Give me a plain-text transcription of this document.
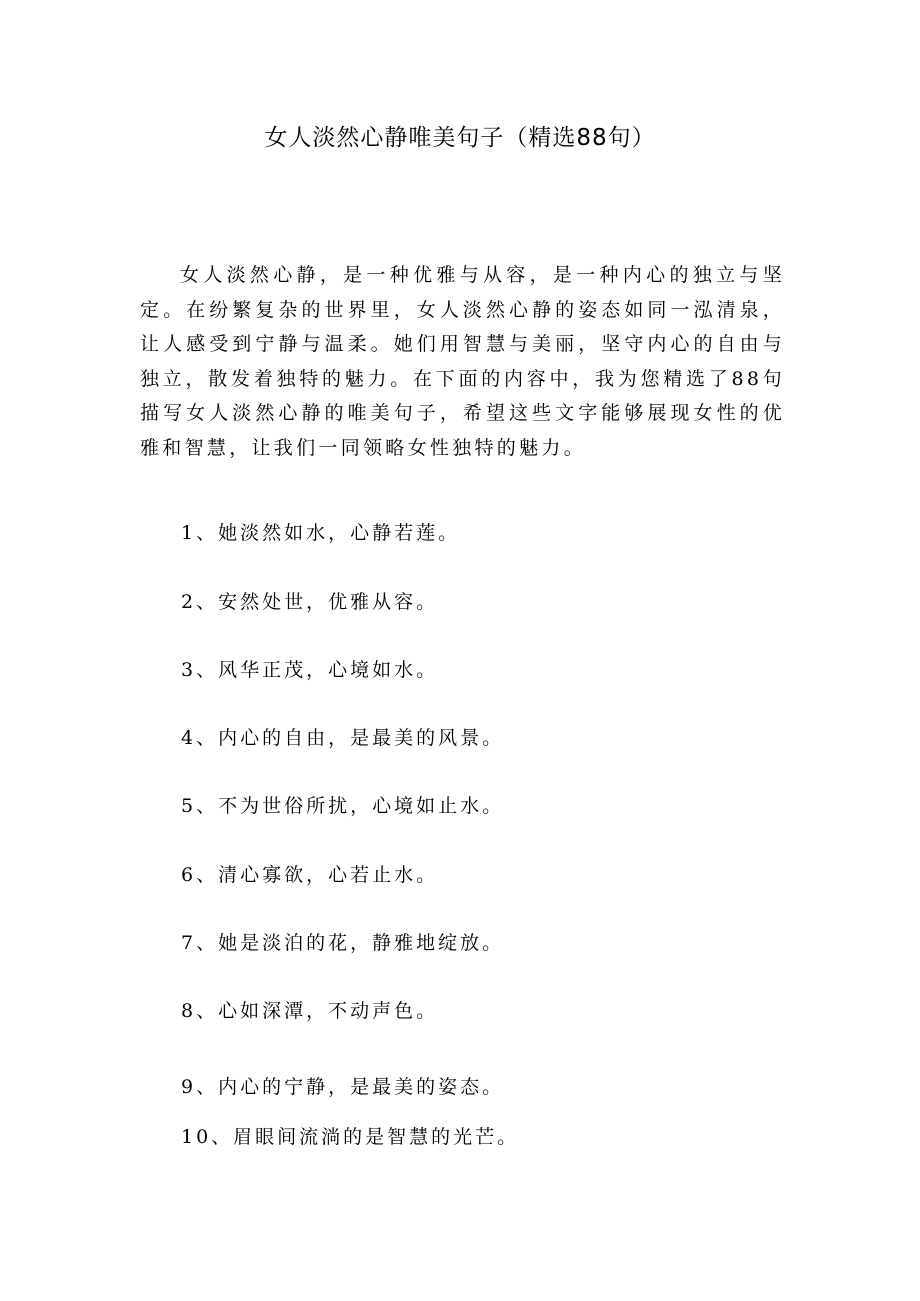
女人淡然心静唯美句子（精选88句）

女人淡然心静，是一种优雅与从容，是一种内心的独立与坚定。在纷繁复杂的世界里，女人淡然心静的姿态如同一泓清泉，让人感受到宁静与温柔。她们用智慧与美丽，坚守内心的自由与独立，散发着独特的魅力。在下面的内容中，我为您精选了88句描写女人淡然心静的唯美句子，希望这些文字能够展现女性的优雅和智慧，让我们一同领略女性独特的魅力。

1、她淡然如水，心静若莲。

2、安然处世，优雅从容。

3、风华正茂，心境如水。

4、内心的自由，是最美的风景。

5、不为世俗所扰，心境如止水。

6、清心寡欲，心若止水。

7、她是淡泊的花，静雅地绽放。

8、心如深潭，不动声色。

9、内心的宁静，是最美的姿态。

10、眉眼间流淌的是智慧的光芒。
